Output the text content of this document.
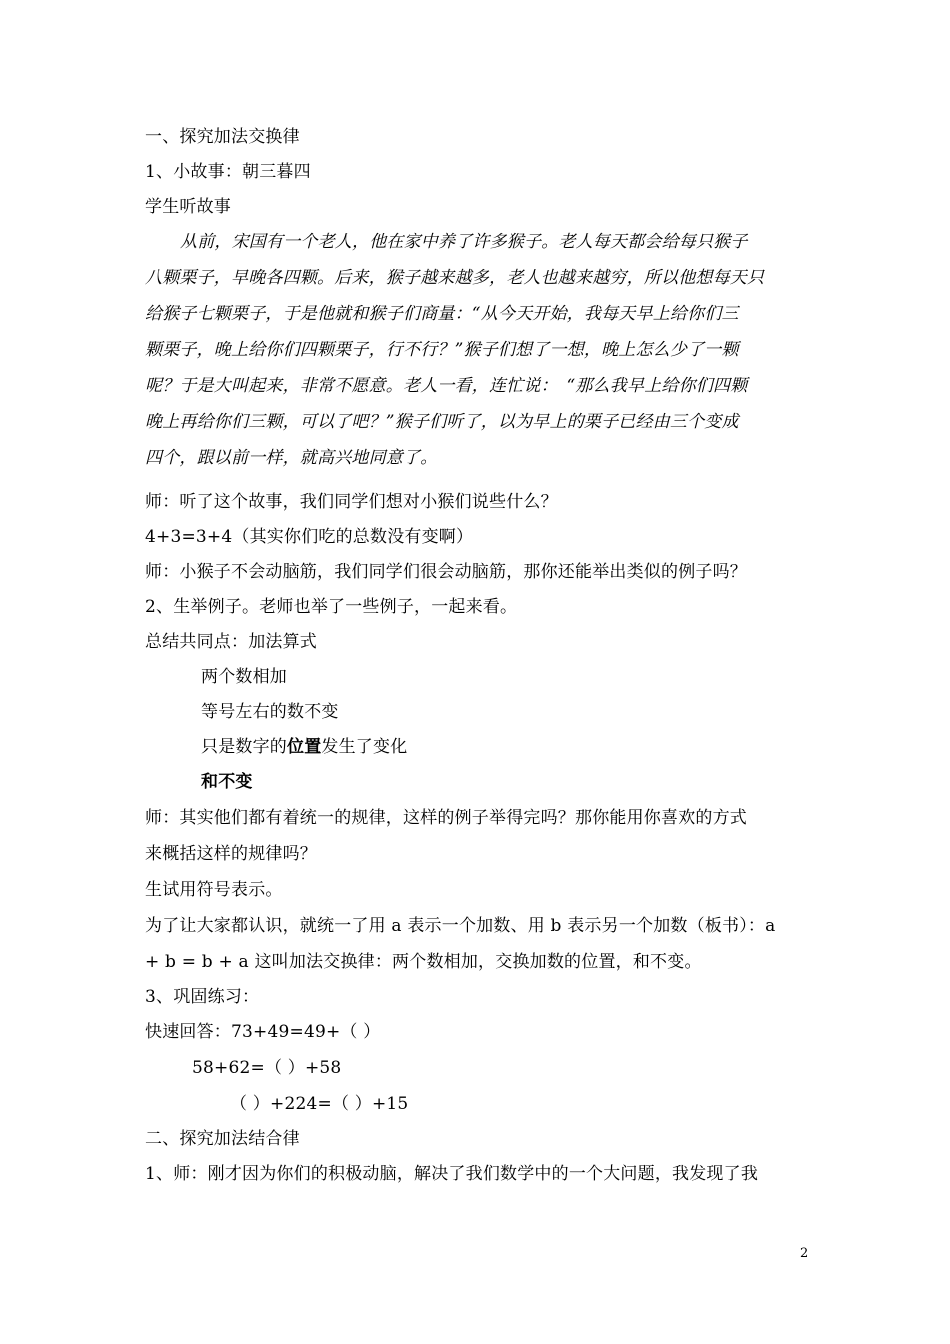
一、探究加法交换律
1、小故事：朝三暮四
学生听故事
从前，宋国有一个老人，他在家中养了许多猴子。老人每天都会给每只猴子
八颗栗子，早晚各四颗。后来，猴子越来越多，老人也越来越穷，所以他想每天只
给猴子七颗栗子，于是他就和猴子们商量：“从今天开始，我每天早上给你们三
颗栗子，晚上给你们四颗栗子，行不行？”猴子们想了一想，晚上怎么少了一颗
呢？于是大叫起来，非常不愿意。老人一看，连忙说：　“那么我早上给你们四颗
晚上再给你们三颗，可以了吧？”猴子们听了，以为早上的栗子已经由三个变成
四个，跟以前一样，就高兴地同意了。
师：听了这个故事，我们同学们想对小猴们说些什么？
4+3=3+4（其实你们吃的总数没有变啊）
师：小猴子不会动脑筋，我们同学们很会动脑筋，那你还能举出类似的例子吗？
2、生举例子。老师也举了一些例子，一起来看。
总结共同点：加法算式
两个数相加
等号左右的数不变
只是数字的位置发生了变化
和不变
师：其实他们都有着统一的规律，这样的例子举得完吗？那你能用你喜欢的方式
来概括这样的规律吗？
生试用符号表示。
为了让大家都认识，就统一了用 a 表示一个加数、用 b 表示另一个加数（板书）：a
+ b = b + a 这叫加法交换律：两个数相加，交换加数的位置，和不变。
3、巩固练习：
快速回答：73+49=49+（ ）
58+62=（ ）+58
（ ）+224=（ ）+15
二、探究加法结合律
1、师：刚才因为你们的积极动脑，解决了我们数学中的一个大问题，我发现了我
2
